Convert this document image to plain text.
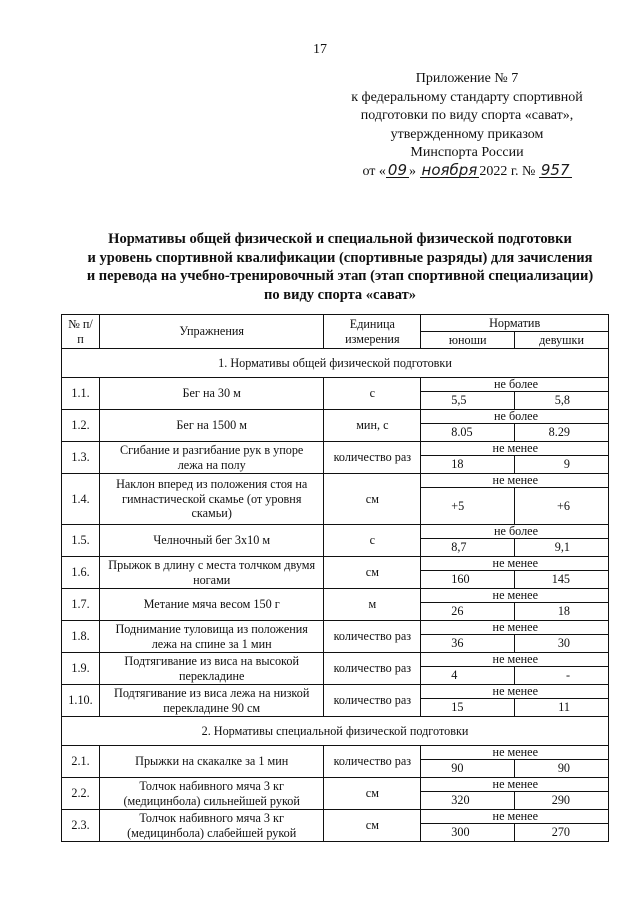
17
Приложение № 7
к федеральному стандарту спортивной
подготовки по виду спорта «сават»,
утвержденному приказом
Минспорта России
от « 09 » ноября 2022 г. № 957
Нормативы общей физической и специальной физической подготовки
и уровень спортивной квалификации (спортивные разряды) для зачисления
и перевода на учебно-тренировочный этап (этап спортивной специализации)
по виду спорта «сават»
№ п/п	Упражнения	Единица измерения	Норматив	
			юноши	девушки
1. Нормативы общей физической подготовки				
1.1.	Бег на 30 м	с	не более	
			5,5	5,8
1.2.	Бег на 1500 м	мин, с	не более	
			8.05	8.29
1.3.	Сгибание и разгибание рук в упоре лежа на полу	количество раз	не менее	
			18	9
1.4.	Наклон вперед из положения стоя на гимнастической скамье (от уровня скамьи)	см	не менее	
			+5	+6
1.5.	Челночный бег 3х10 м	с	не более	
			8,7	9,1
1.6.	Прыжок в длину с места толчком двумя ногами	см	не менее	
			160	145
1.7.	Метание мяча весом 150 г	м	не менее	
			26	18
1.8.	Поднимание туловища из положения лежа на спине за 1 мин	количество раз	не менее	
			36	30
1.9.	Подтягивание из виса на высокой перекладине	количество раз	не менее	
			4	-
1.10.	Подтягивание из виса лежа на низкой перекладине 90 см	количество раз	не менее	
			15	11
2. Нормативы специальной физической подготовки				
2.1.	Прыжки на скакалке за 1 мин	количество раз	не менее	
			90	90
2.2.	Толчок набивного мяча 3 кг (медицинбола) сильнейшей рукой	см	не менее	
			320	290
2.3.	Толчок набивного мяча 3 кг (медицинбола) слабейшей рукой	см	не менее	
			300	270
